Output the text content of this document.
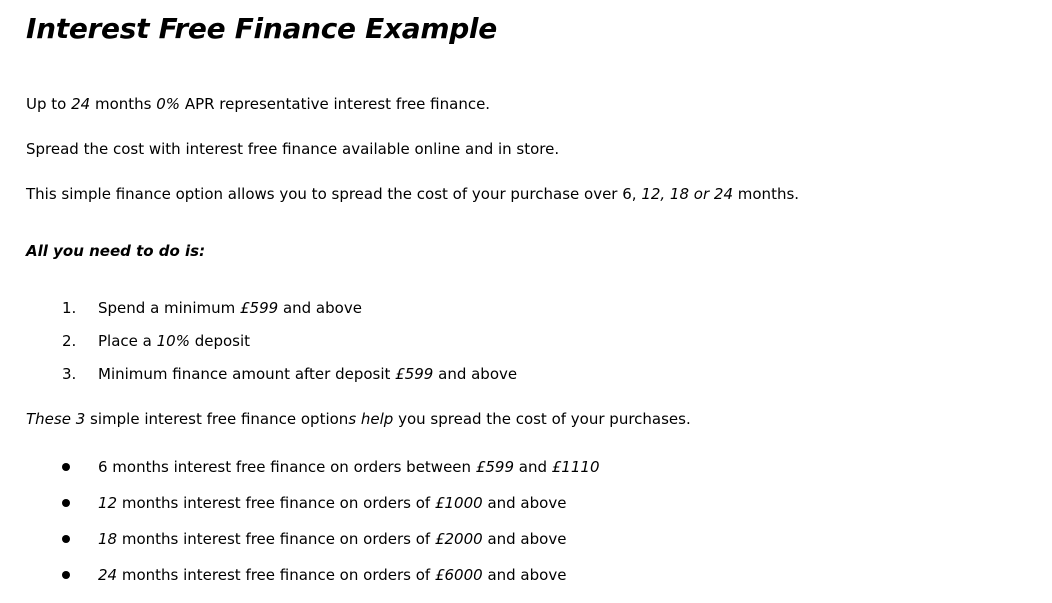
Interest Free Finance Example

Up to 24 months 0% APR representative interest free finance.

Spread the cost with interest free finance available online and in store.

This simple finance option allows you to spread the cost of your purchase over 6, 12, 18 or 24 months.

All you need to do is:

1. Spend a minimum £599 and above
2. Place a 10% deposit
3. Minimum finance amount after deposit £599 and above

These 3 simple interest free finance options help you spread the cost of your purchases.

6 months interest free finance on orders between £599 and £1110
12 months interest free finance on orders of £1000 and above
18 months interest free finance on orders of £2000 and above
24 months interest free finance on orders of £6000 and above
